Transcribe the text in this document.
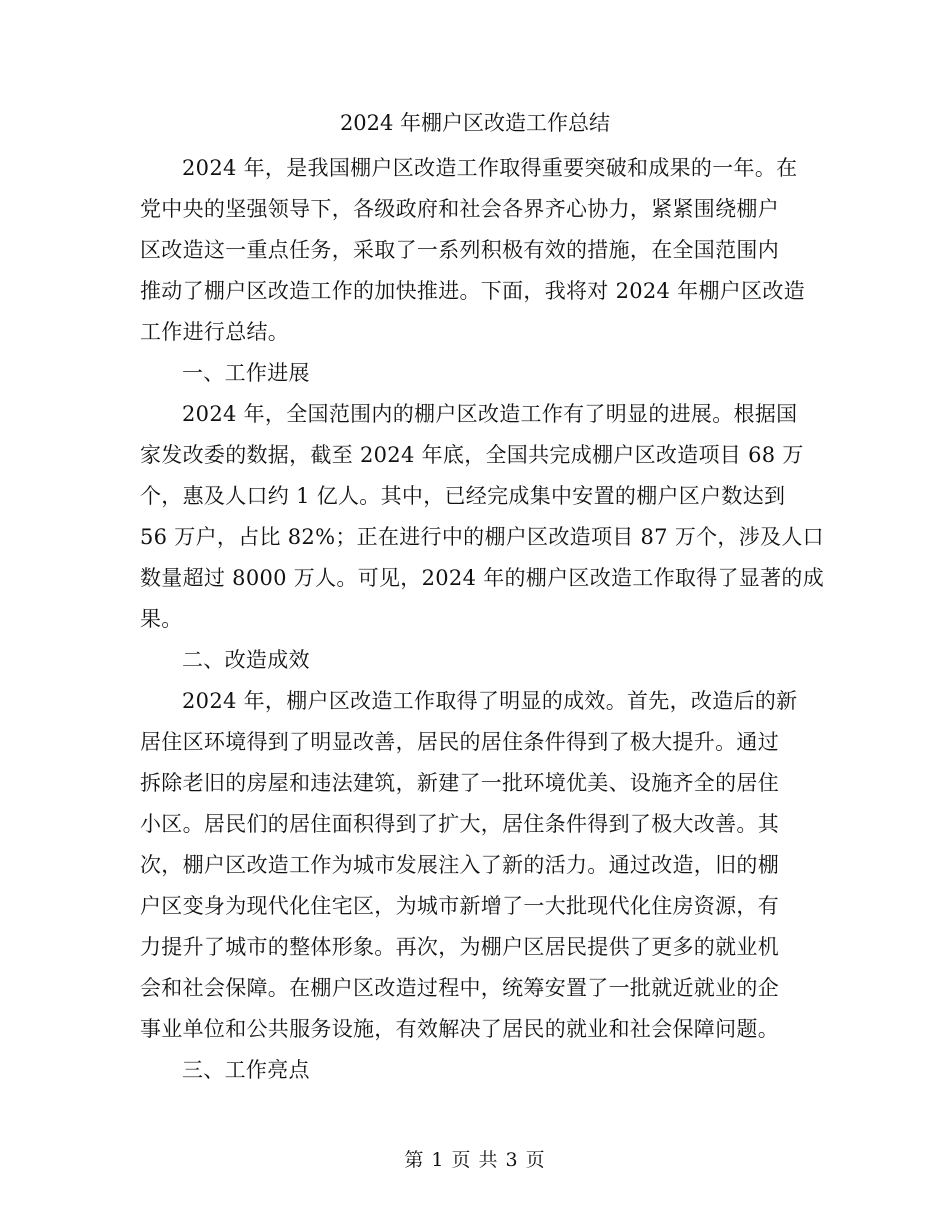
2024 年棚户区改造工作总结

2024 年，是我国棚户区改造工作取得重要突破和成果的一年。在
党中央的坚强领导下，各级政府和社会各界齐心协力，紧紧围绕棚户
区改造这一重点任务，采取了一系列积极有效的措施，在全国范围内
推动了棚户区改造工作的加快推进。下面，我将对 2024 年棚户区改造
工作进行总结。

一、工作进展

2024 年，全国范围内的棚户区改造工作有了明显的进展。根据国
家发改委的数据，截至 2024 年底，全国共完成棚户区改造项目 68 万
个，惠及人口约 1 亿人。其中，已经完成集中安置的棚户区户数达到
56 万户，占比 82%；正在进行中的棚户区改造项目 87 万个，涉及人口
数量超过 8000 万人。可见，2024 年的棚户区改造工作取得了显著的成
果。

二、改造成效

2024 年，棚户区改造工作取得了明显的成效。首先，改造后的新
居住区环境得到了明显改善，居民的居住条件得到了极大提升。通过
拆除老旧的房屋和违法建筑，新建了一批环境优美、设施齐全的居住
小区。居民们的居住面积得到了扩大，居住条件得到了极大改善。其
次，棚户区改造工作为城市发展注入了新的活力。通过改造，旧的棚
户区变身为现代化住宅区，为城市新增了一大批现代化住房资源，有
力提升了城市的整体形象。再次，为棚户区居民提供了更多的就业机
会和社会保障。在棚户区改造过程中，统筹安置了一批就近就业的企
事业单位和公共服务设施，有效解决了居民的就业和社会保障问题。

三、工作亮点

第 1 页 共 3 页
